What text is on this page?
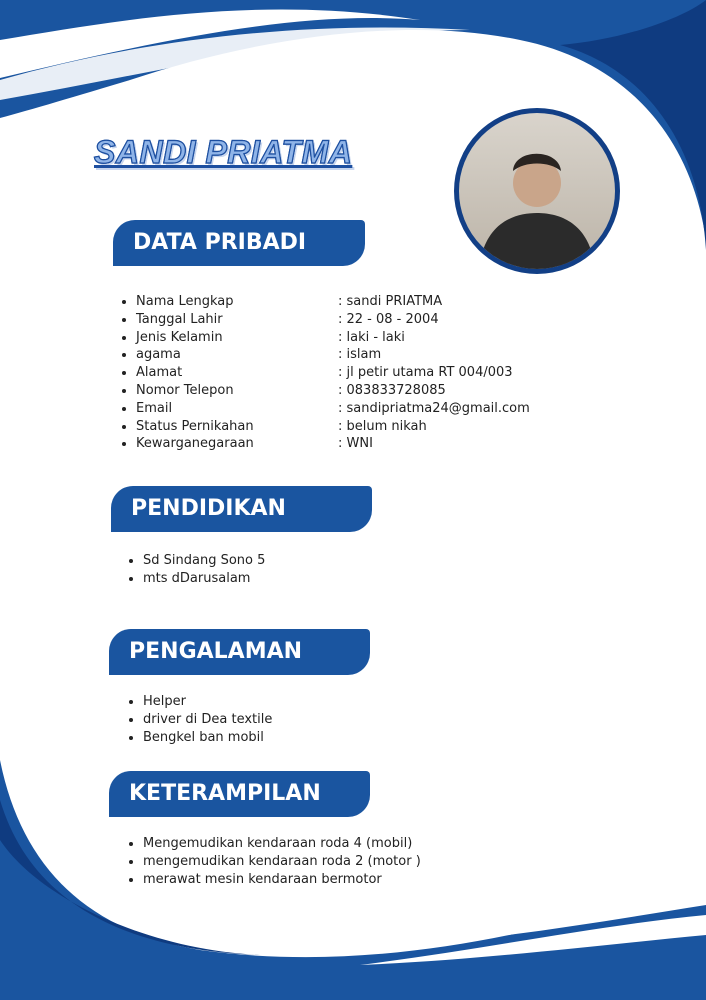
SANDI PRIATMA
DATA PRIBADI
Nama Lengkap	: sandi PRIATMA
Tanggal Lahir	: 22 - 08 - 2004
Jenis Kelamin	: laki - laki
agama	: islam
Alamat	: jl petir utama RT 004/003
Nomor Telepon	: 083833728085
Email	: sandipriatma24@gmail.com
Status Pernikahan	: belum nikah
Kewarganegaraan	: WNI
PENDIDIKAN
Sd Sindang Sono 5
mts dDarusalam
PENGALAMAN
Helper
driver di Dea textile
Bengkel ban mobil
KETERAMPILAN
Mengemudikan kendaraan roda 4 (mobil)
mengemudikan kendaraan roda 2 (motor )
merawat mesin kendaraan bermotor
